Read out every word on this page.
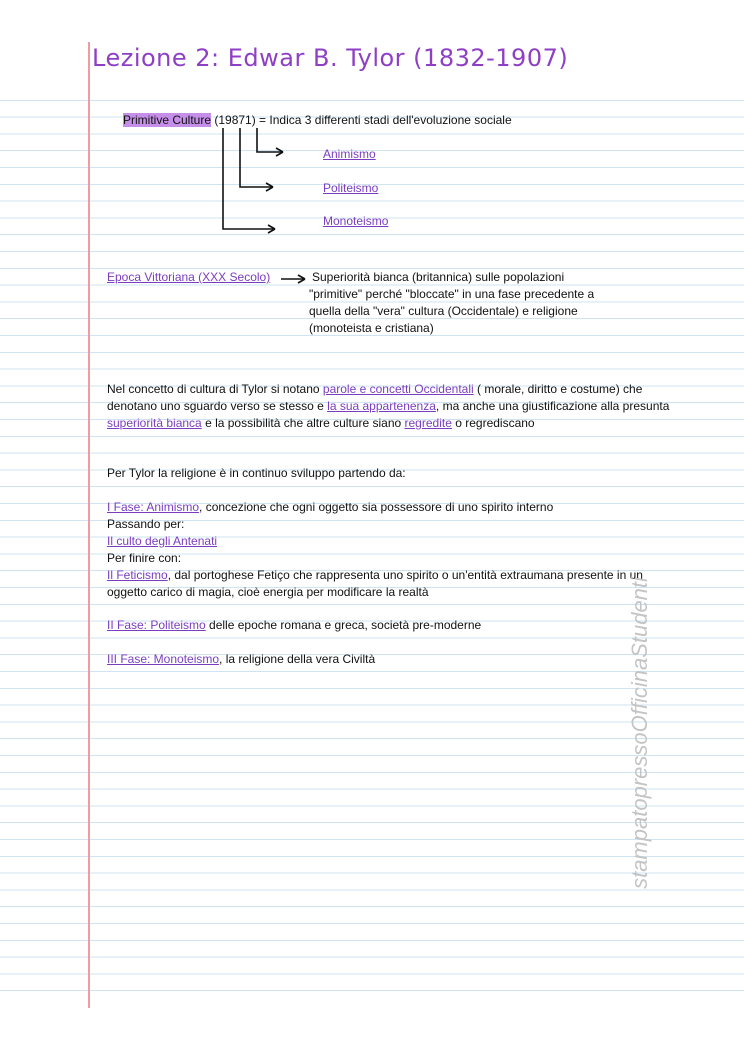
Lezione 2: Edwar B. Tylor (1832-1907)
Primitive Culture (19871) = Indica 3 differenti stadi dell'evoluzione sociale
Animismo
Politeismo
Monoteismo
Epoca Vittoriana (XXX Secolo)	Superiorità bianca (britannica) sulle popolazioni
"primitive" perché "bloccate" in una fase precedente a
quella della "vera" cultura (Occidentale) e religione
(monoteista e cristiana)
Nel concetto di cultura di Tylor si notano parole e concetti Occidentali ( morale, diritto e costume) che
denotano uno sguardo verso se stesso e la sua appartenenza, ma anche una giustificazione alla presunta
superiorità bianca e la possibilità che altre culture siano regredite o regrediscano
Per Tylor la religione è in continuo sviluppo partendo da:
I Fase: Animismo, concezione che ogni oggetto sia possessore di uno spirito interno
Passando per:
Il culto degli Antenati
Per finire con:
Il Feticismo, dal portoghese Fetiço che rappresenta uno spirito o un'entità extraumana presente in un
oggetto carico di magia, cioè energia per modificare la realtà
II Fase: Politeismo delle epoche romana e greca, società pre-moderne
III Fase: Monoteismo, la religione della vera Civiltà	stampatopressoOfficinaStudenti
